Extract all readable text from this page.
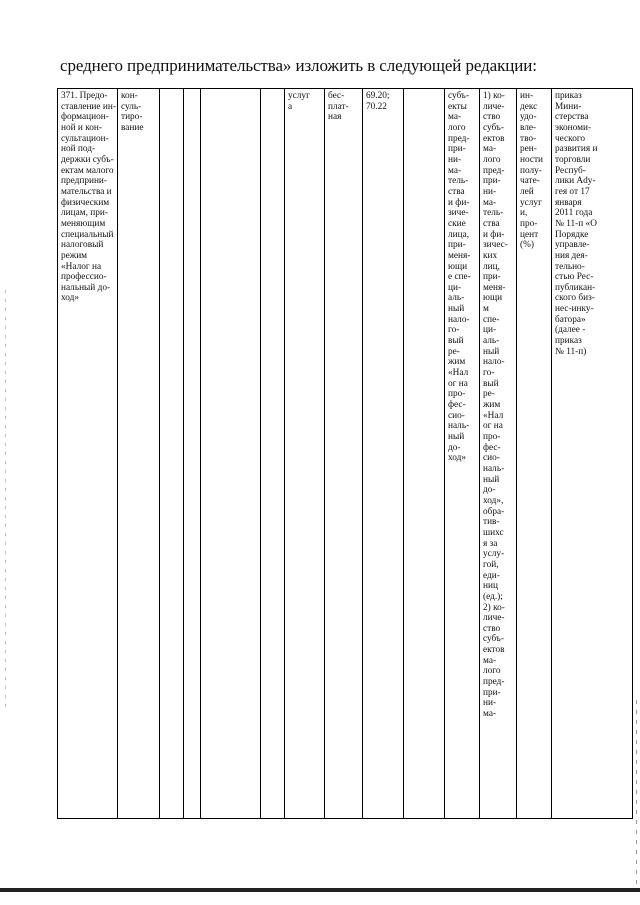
среднего предпринимательства» изложить в следующей редакции:
371. Предо-
ставление ин-
формацион-
ной и кон-
сультацион-
ной под-
держки субъ-
ектам малого
предприни-
мательства и
физическим
лицам, при-
меняющим
специальный
налоговый
режим
«Налог на
профессио-
нальный до-
ход»	кон-
суль-
тиро-
вание					услуг
а	бес-
плат-
ная	69.20;
70.22		субъ-
екты
ма-
лого
пред-
при-
ни-
ма-
тель-
ства
и фи-
зиче-
ские
лица,
при-
меня-
ющи
е спе-
ци-
аль-
ный
нало-
го-
вый
ре-
жим
«Нал
ог на
про-
фес-
сио-
наль-
ный
до-
ход»	1) ко-
личе-
ство
субъ-
ектов
ма-
лого
пред-
при-
ни-
ма-
тель-
ства
и фи-
зичес-
ких
лиц,
при-
меня-
ющи
м
спе-
ци-
аль-
ный
нало-
го-
вый
ре-
жим
«Нал
ог на
про-
фес-
сио-
наль-
ный
до-
ход»,
обра-
тив-
шихс
я за
услу-
гой,
еди-
ниц
(ед.);
2) ко-
личе-
ство
субъ-
ектов
ма-
лого
пред-
при-
ни-
ма-	ин-
декс
удо-
вле-
тво-
рен-
ности
полу-
чате-
лей
услуг
и,
про-
цент
(%)	приказ
Мини-
стерства
экономи-
ческого
развития и
торговли
Респуб-
лики Ady-
гея от 17
января
2011 года
№ 11-п «О
Порядке
управле-
ния дея-
тельно-
стью Рес-
публикан-
ского биз-
нес-инку-
батора»
(далее -
приказ
№ 11-п)
